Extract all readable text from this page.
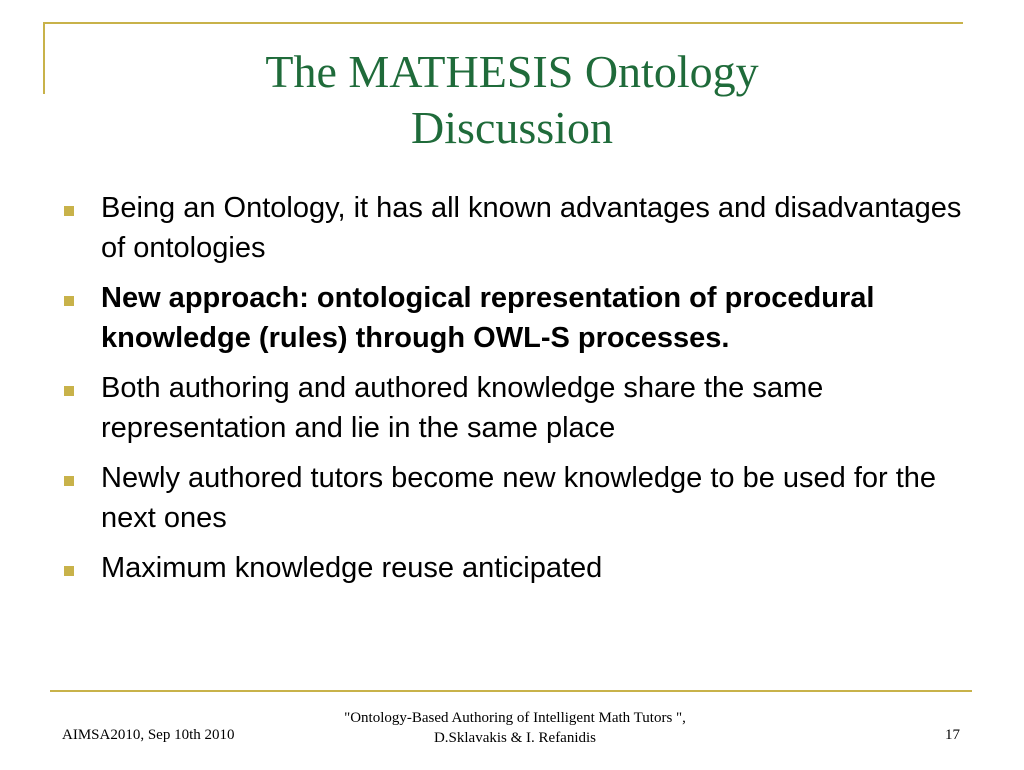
The MATHESIS Ontology
Discussion
Being an Ontology, it has all known advantages and disadvantages of ontologies
New approach: ontological representation of procedural knowledge (rules) through OWL-S processes.
Both authoring and authored knowledge share the same representation and lie in the same place
Newly authored tutors become new knowledge to be used for the next ones
Maximum knowledge reuse anticipated
AIMSA2010, Sep 10th 2010
"Ontology-Based Authoring of Intelligent Math Tutors ",
D.Sklavakis & I. Refanidis	17
